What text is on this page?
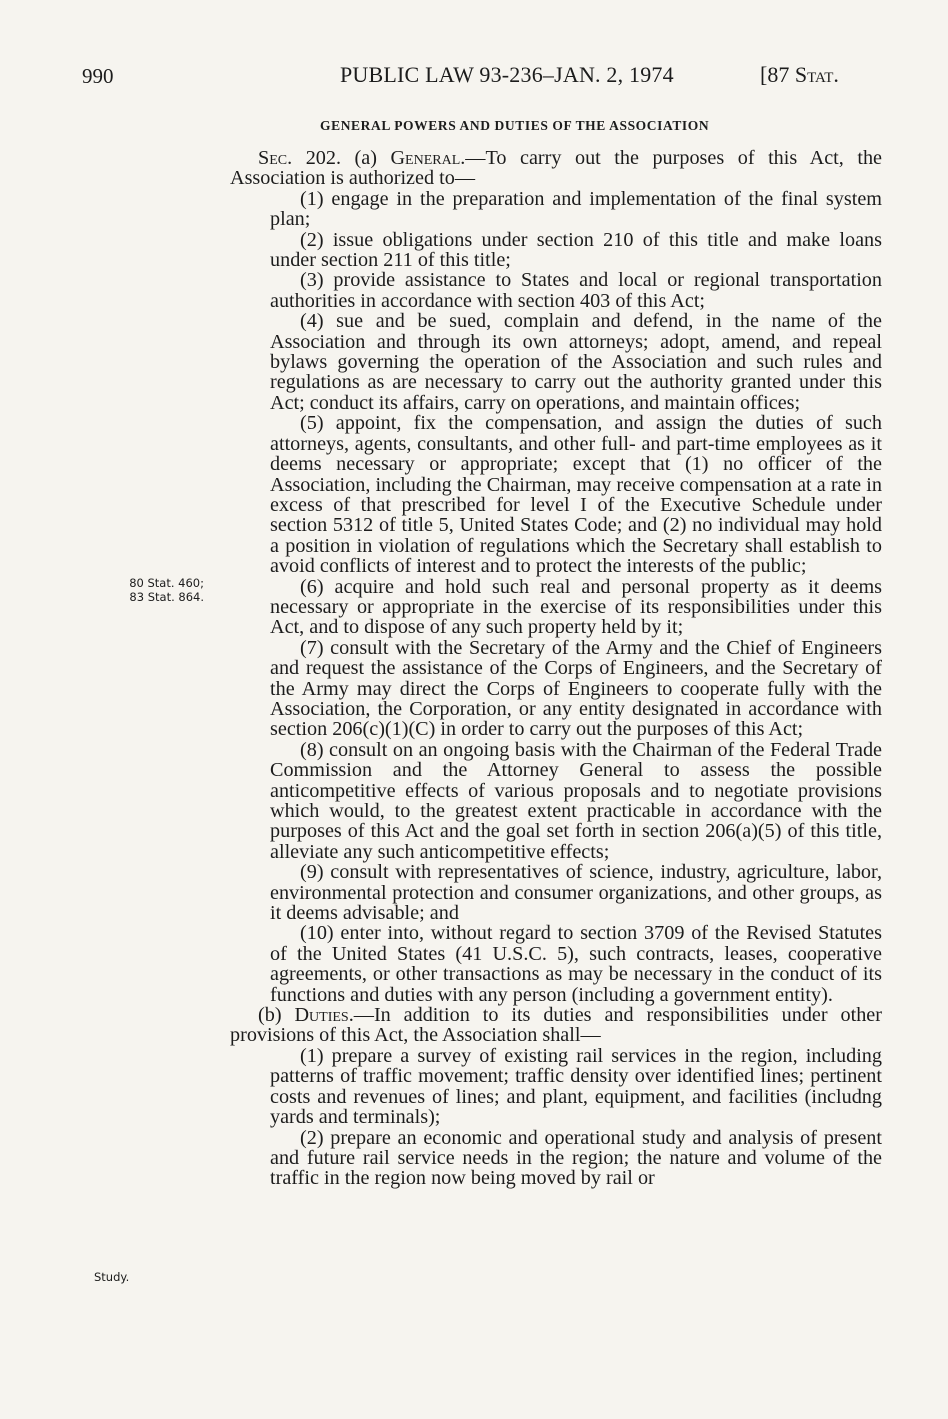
990	PUBLIC LAW 93-236–JAN. 2, 1974	[87 Stat.
GENERAL POWERS AND DUTIES OF THE ASSOCIATION

Sec. 202. (a) General.—To carry out the purposes of this Act, the Association is authorized to—

(1) engage in the preparation and implementation of the final system plan;

(2) issue obligations under section 210 of this title and make loans under section 211 of this title;

(3) provide assistance to States and local or regional transportation authorities in accordance with section 403 of this Act;

(4) sue and be sued, complain and defend, in the name of the Association and through its own attorneys; adopt, amend, and repeal bylaws governing the operation of the Association and such rules and regulations as are necessary to carry out the authority granted under this Act; conduct its affairs, carry on operations, and maintain offices;

(5) appoint, fix the compensation, and assign the duties of such attorneys, agents, consultants, and other full- and part-time employees as it deems necessary or appropriate; except that (1) no officer of the Association, including the Chairman, may receive compensation at a rate in excess of that prescribed for level I of the Executive Schedule under section 5312 of title 5, United States Code; and (2) no individual may hold a position in violation of regulations which the Secretary shall establish to avoid conflicts of interest and to protect the interests of the public;

(6) acquire and hold such real and personal property as it deems necessary or appropriate in the exercise of its responsibilities under this Act, and to dispose of any such property held by it;

(7) consult with the Secretary of the Army and the Chief of Engineers and request the assistance of the Corps of Engineers, and the Secretary of the Army may direct the Corps of Engineers to cooperate fully with the Association, the Corporation, or any entity designated in accordance with section 206(c)(1)(C) in order to carry out the purposes of this Act;

(8) consult on an ongoing basis with the Chairman of the Federal Trade Commission and the Attorney General to assess the possible anticompetitive effects of various proposals and to negotiate provisions which would, to the greatest extent practicable in accordance with the purposes of this Act and the goal set forth in section 206(a)(5) of this title, alleviate any such anticompetitive effects;

(9) consult with representatives of science, industry, agriculture, labor, environmental protection and consumer organizations, and other groups, as it deems advisable; and

(10) enter into, without regard to section 3709 of the Revised Statutes of the United States (41 U.S.C. 5), such contracts, leases, cooperative agreements, or other transactions as may be necessary in the conduct of its functions and duties with any person (including a government entity).

(b) Duties.—In addition to its duties and responsibilities under other provisions of this Act, the Association shall—

(1) prepare a survey of existing rail services in the region, including patterns of traffic movement; traffic density over identified lines; pertinent costs and revenues of lines; and plant, equipment, and facilities (includng yards and terminals);

(2) prepare an economic and operational study and analysis of present and future rail service needs in the region; the nature and volume of the traffic in the region now being moved by rail or

80 Stat. 460;
83 Stat. 864.
Study.
